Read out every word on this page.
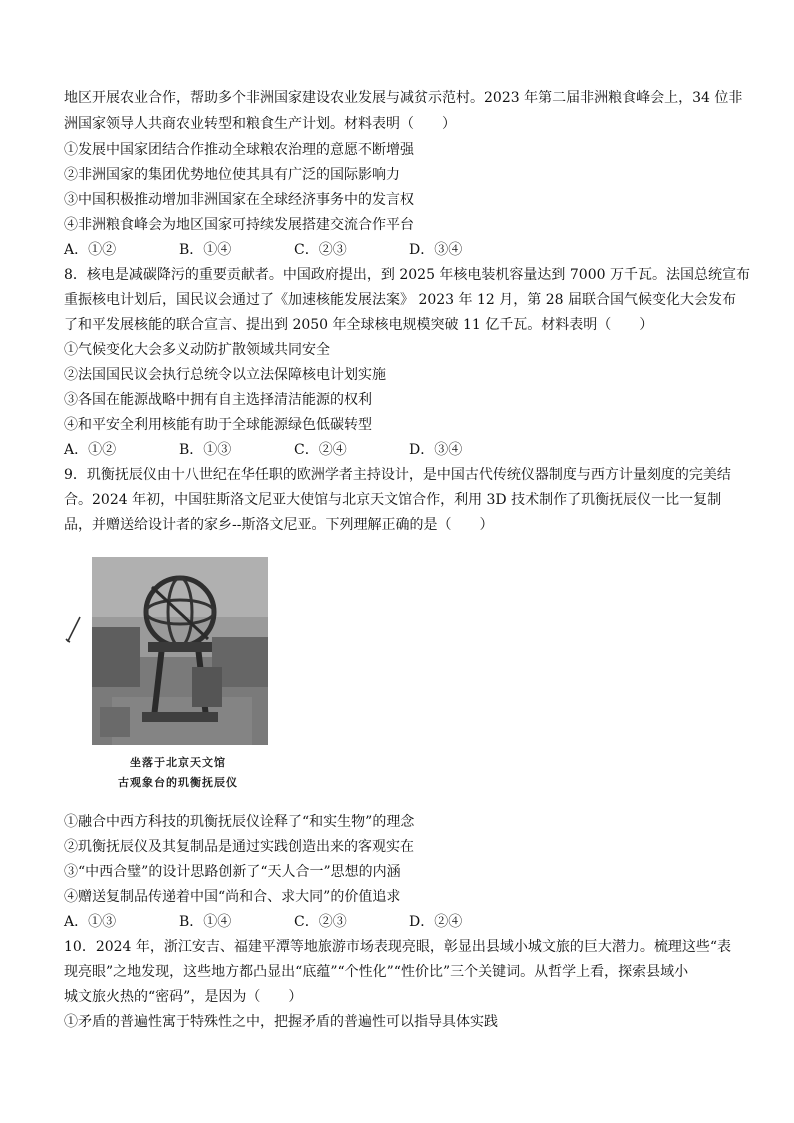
地区开展农业合作，帮助多个非洲国家建设农业发展与减贫示范村。2023 年第二届非洲粮食峰会上，34 位非
洲国家领导人共商农业转型和粮食生产计划。材料表明（　　）
①发展中国家团结合作推动全球粮农治理的意愿不断增强
②非洲国家的集团优势地位使其具有广泛的国际影响力
③中国积极推动增加非洲国家在全球经济事务中的发言权
④非洲粮食峰会为地区国家可持续发展搭建交流合作平台
A．①②	B．①④	C．②③	D．③④
8．核电是减碳降污的重要贡献者。中国政府提出，到 2025 年核电装机容量达到 7000 万千瓦。法国总统宣布
重振核电计划后，国民议会通过了《加速核能发展法案》 2023 年 12 月，第 28 届联合国气候变化大会发布
了和平发展核能的联合宣言、提出到 2050 年全球核电规模突破 11 亿千瓦。材料表明（　　）
①气候变化大会多义动防扩散领域共同安全
②法国国民议会执行总统令以立法保障核电计划实施
③各国在能源战略中拥有自主选择清洁能源的权利
④和平安全利用核能有助于全球能源绿色低碳转型
A．①②	B．①③	C．②④	D．③④
9．玑衡抚辰仪由十八世纪在华任职的欧洲学者主持设计，是中国古代传统仪器制度与西方计量刻度的完美结
合。2024 年初，中国驻斯洛文尼亚大使馆与北京天文馆合作，利用 3D 技术制作了玑衡抚辰仪一比一复制
品，并赠送给设计者的家乡--斯洛文尼亚。下列理解正确的是（　　）
坐落于北京天文馆
古观象台的玑衡抚辰仪
①融合中西方科技的玑衡抚辰仪诠释了“和实生物”的理念
②玑衡抚辰仪及其复制品是通过实践创造出来的客观实在
③“中西合璧”的设计思路创新了“天人合一”思想的内涵
④赠送复制品传递着中国“尚和合、求大同”的价值追求
A．①③	B．①④	C．②③	D．②④
10．2024 年，浙江安吉、福建平潭等地旅游市场表现亮眼，彰显出县域小城文旅的巨大潜力。梳理这些“表
现亮眼”之地发现，这些地方都凸显出“底蕴”“个性化”“性价比”三个关键词。从哲学上看，探索县域小
城文旅火热的“密码”，是因为（　　）
①矛盾的普遍性寓于特殊性之中，把握矛盾的普遍性可以指导具体实践
